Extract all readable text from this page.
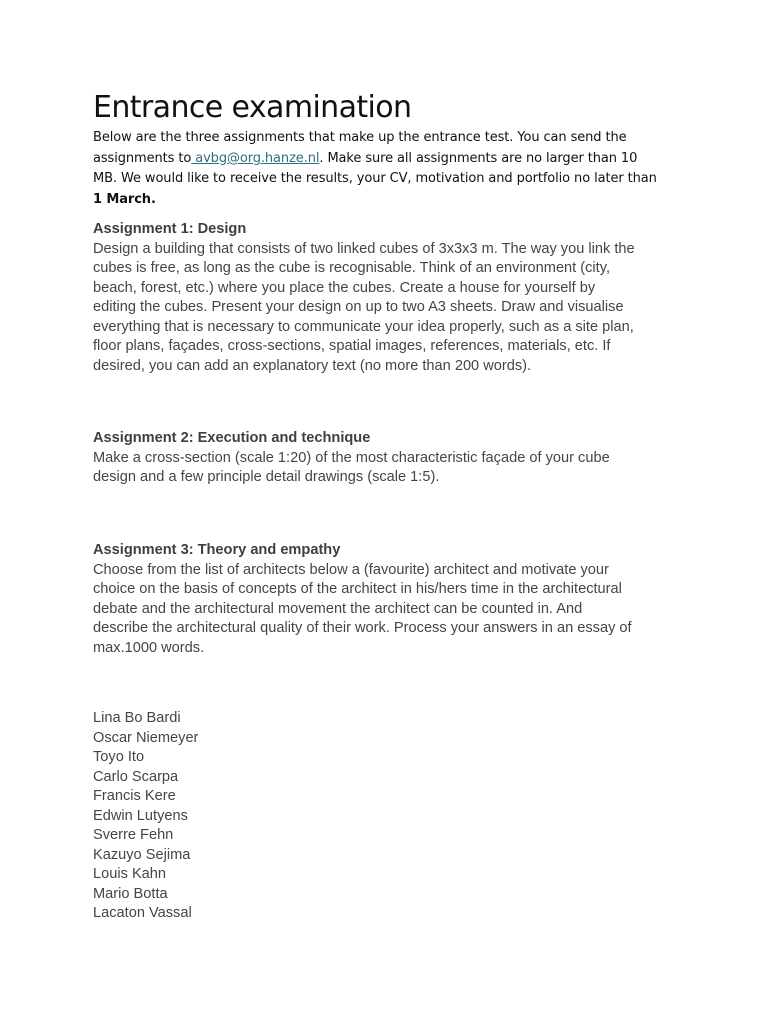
Entrance examination
Below are the three assignments that make up the entrance test. You can send the
assignments to avbg@org.hanze.nl. Make sure all assignments are no larger than 10
MB. We would like to receive the results, your CV, motivation and portfolio no later than
1 March.
Assignment 1: Design

Design a building that consists of two linked cubes of 3x3x3 m. The way you link the
cubes is free, as long as the cube is recognisable. Think of an environment (city,
beach, forest, etc.) where you place the cubes. Create a house for yourself by
editing the cubes. Present your design on up to two A3 sheets. Draw and visualise
everything that is necessary to communicate your idea properly, such as a site plan,
floor plans, façades, cross-sections, spatial images, references, materials, etc. If
desired, you can add an explanatory text (no more than 200 words).

Assignment 2: Execution and technique

Make a cross-section (scale 1:20) of the most characteristic façade of your cube
design and a few principle detail drawings (scale 1:5).

Assignment 3: Theory and empathy

Choose from the list of architects below a (favourite) architect and motivate your
choice on the basis of concepts of the architect in his/hers time in the architectural
debate and the architectural movement the architect can be counted in. And
describe the architectural quality of their work. Process your answers in an essay of
max.1000 words.

Lina Bo Bardi
Oscar Niemeyer
Toyo Ito
Carlo Scarpa
Francis Kere
Edwin Lutyens
Sverre Fehn
Kazuyo Sejima
Louis Kahn
Mario Botta
Lacaton Vassal
